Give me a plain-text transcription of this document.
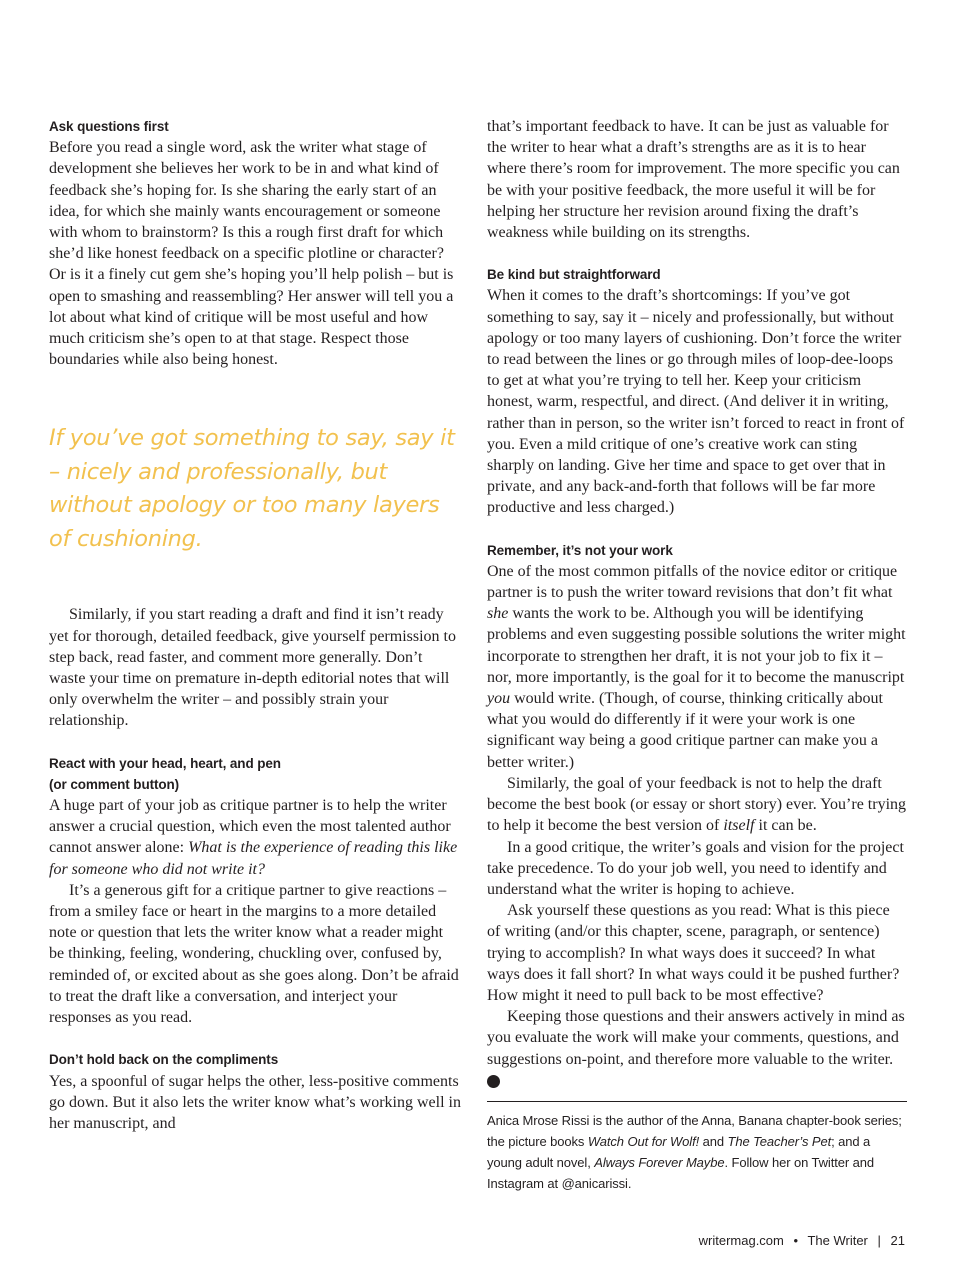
Ask questions first

Before you read a single word, ask the writer what stage of development she believes her work to be in and what kind of feedback she’s hoping for. Is she sharing the early start of an idea, for which she mainly wants encouragement or someone with whom to brainstorm? Is this a rough first draft for which she’d like honest feedback on a specific plotline or character? Or is it a finely cut gem she’s hoping you’ll help polish – but is open to smashing and reassembling? Her answer will tell you a lot about what kind of critique will be most useful and how much criticism she’s open to at that stage. Respect those boundaries while also being honest.

If you’ve got something to say, say it – nicely and professionally, but without apology or too many layers of cushioning.

Similarly, if you start reading a draft and find it isn’t ready yet for thorough, detailed feedback, give yourself permission to step back, read faster, and comment more generally. Don’t waste your time on premature in-depth editorial notes that will only overwhelm the writer – and possibly strain your relationship.

React with your head, heart, and pen
(or comment button)

A huge part of your job as critique partner is to help the writer answer a crucial question, which even the most talented author cannot answer alone: What is the experience of reading this like for someone who did not write it?

It’s a generous gift for a critique partner to give reactions – from a smiley face or heart in the margins to a more detailed note or question that lets the writer know what a reader might be thinking, feeling, wondering, chuckling over, confused by, reminded of, or excited about as she goes along. Don’t be afraid to treat the draft like a conversation, and interject your responses as you read.

Don’t hold back on the compliments

Yes, a spoonful of sugar helps the other, less-positive comments go down. But it also lets the writer know what’s working well in her manuscript, and

that’s important feedback to have. It can be just as valuable for the writer to hear what a draft’s strengths are as it is to hear where there’s room for improvement. The more specific you can be with your positive feedback, the more useful it will be for helping her structure her revision around fixing the draft’s weakness while building on its strengths.

Be kind but straightforward

When it comes to the draft’s shortcomings: If you’ve got something to say, say it – nicely and professionally, but without apology or too many layers of cushioning. Don’t force the writer to read between the lines or go through miles of loop-dee-loops to get at what you’re trying to tell her. Keep your criticism honest, warm, respectful, and direct. (And deliver it in writing, rather than in person, so the writer isn’t forced to react in front of you. Even a mild critique of one’s creative work can sting sharply on landing. Give her time and space to get over that in private, and any back-and-forth that follows will be far more productive and less charged.)

Remember, it’s not your work

One of the most common pitfalls of the novice editor or critique partner is to push the writer toward revisions that don’t fit what she wants the work to be. Although you will be identifying problems and even suggesting possible solutions the writer might incorporate to strengthen her draft, it is not your job to fix it – nor, more importantly, is the goal for it to become the manuscript you would write. (Though, of course, thinking critically about what you would do differently if it were your work is one significant way being a good critique partner can make you a better writer.)

Similarly, the goal of your feedback is not to help the draft become the best book (or essay or short story) ever. You’re trying to help it become the best version of itself it can be.

In a good critique, the writer’s goals and vision for the project take precedence. To do your job well, you need to identify and understand what the writer is hoping to achieve.

Ask yourself these questions as you read: What is this piece of writing (and/or this chapter, scene, paragraph, or sentence) trying to accomplish? In what ways does it succeed? In what ways does it fall short? In what ways could it be pushed further? How might it need to pull back to be most effective?

Keeping those questions and their answers actively in mind as you evaluate the work will make your comments, questions, and suggestions on-point, and therefore more valuable to the writer. W

Anica Mrose Rissi is the author of the Anna, Banana chapter-book series; the picture books Watch Out for Wolf! and The Teacher’s Pet; and a young adult novel, Always Forever Maybe. Follow her on Twitter and Instagram at @anicarissi.
writermag.com • The Writer | 21
